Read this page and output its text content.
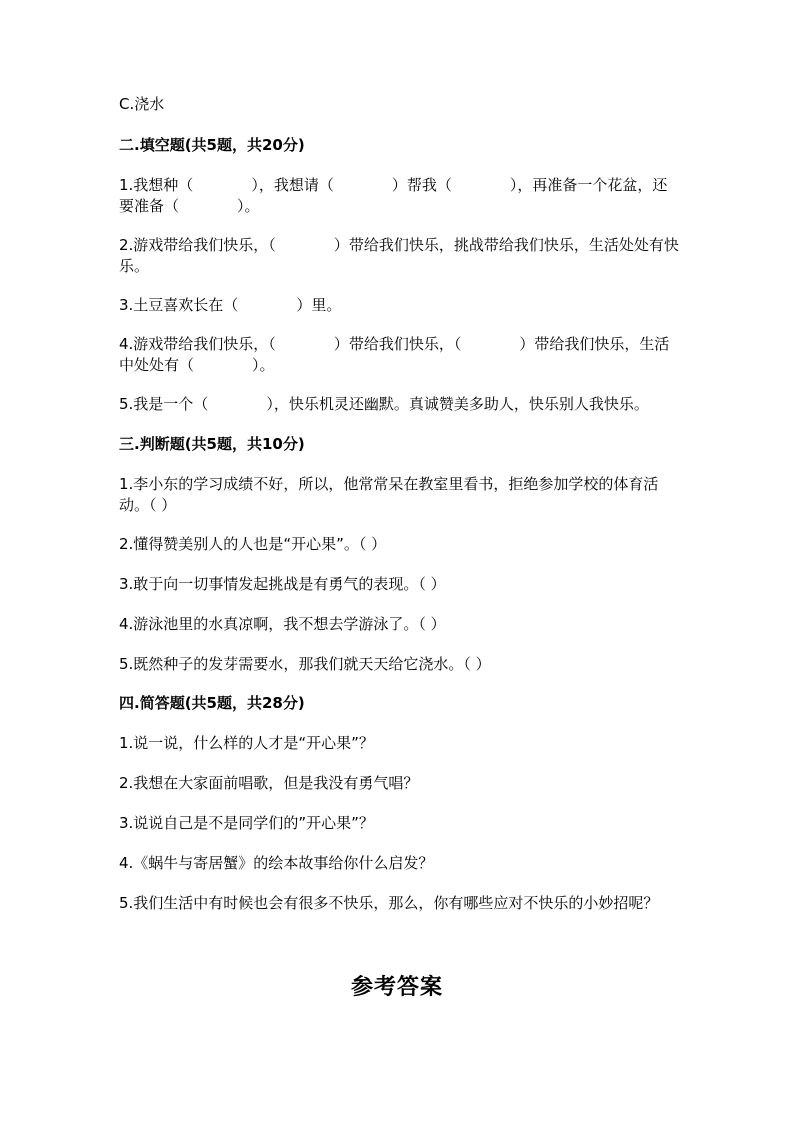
C.浇水

二.填空题(共5题，共20分)

1.我想种（	），我想请（	）帮我（	），再准备一个花盆，还要准备（	）。

2.游戏带给我们快乐，（	）带给我们快乐，挑战带给我们快乐，生活处处有快乐。

3.土豆喜欢长在（	）里。

4.游戏带给我们快乐，（	）带给我们快乐，（	）带给我们快乐，生活中处处有（	）。

5.我是一个（	），快乐机灵还幽默。真诚赞美多助人，快乐别人我快乐。

三.判断题(共5题，共10分)

1.李小东的学习成绩不好，所以，他常常呆在教室里看书，拒绝参加学校的体育活动。（ ）

2.懂得赞美别人的人也是“开心果”。（ ）

3.敢于向一切事情发起挑战是有勇气的表现。（ ）

4.游泳池里的水真凉啊，我不想去学游泳了。（ ）

5.既然种子的发芽需要水，那我们就天天给它浇水。（ ）

四.简答题(共5题，共28分)

1.说一说，什么样的人才是“开心果”？

2.我想在大家面前唱歌，但是我没有勇气唱？

3.说说自己是不是同学们的”开心果”？

4.《蜗牛与寄居蟹》的绘本故事给你什么启发？

5.我们生活中有时候也会有很多不快乐，那么，你有哪些应对不快乐的小妙招呢？

参考答案
